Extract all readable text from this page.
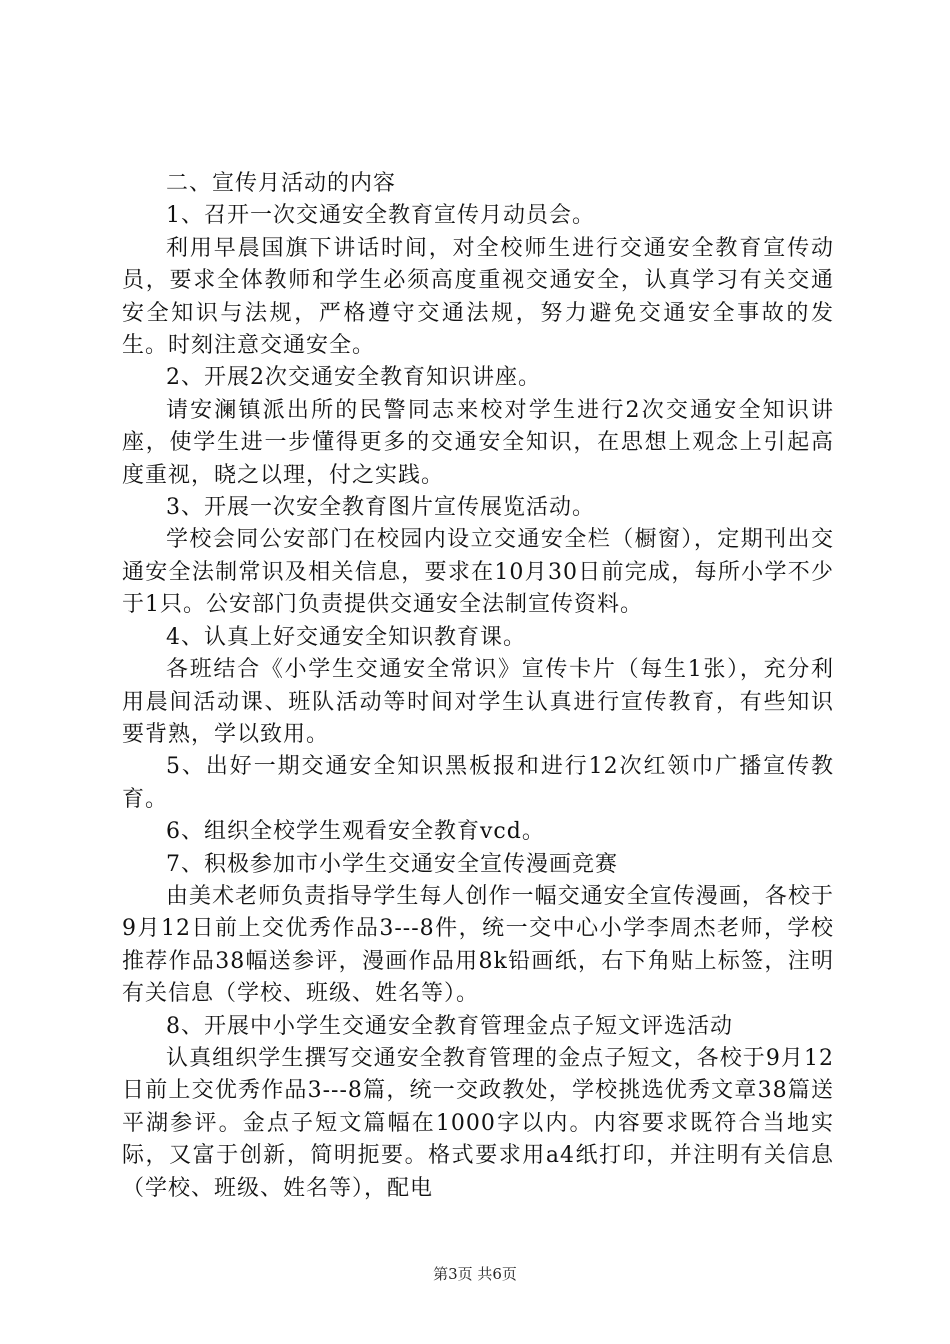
二、宣传月活动的内容

1、召开一次交通安全教育宣传月动员会。

利用早晨国旗下讲话时间，对全校师生进行交通安全教育宣传动员，要求全体教师和学生必须高度重视交通安全，认真学习有关交通安全知识与法规，严格遵守交通法规，努力避免交通安全事故的发生。时刻注意交通安全。

2、开展2次交通安全教育知识讲座。

请安澜镇派出所的民警同志来校对学生进行2次交通安全知识讲座，使学生进一步懂得更多的交通安全知识，在思想上观念上引起高度重视，晓之以理，付之实践。

3、开展一次安全教育图片宣传展览活动。

学校会同公安部门在校园内设立交通安全栏（橱窗），定期刊出交通安全法制常识及相关信息，要求在10月30日前完成，每所小学不少于1只。公安部门负责提供交通安全法制宣传资料。

4、认真上好交通安全知识教育课。

各班结合《小学生交通安全常识》宣传卡片（每生1张），充分利用晨间活动课、班队活动等时间对学生认真进行宣传教育，有些知识要背熟，学以致用。

5、出好一期交通安全知识黑板报和进行12次红领巾广播宣传教育。

6、组织全校学生观看安全教育vcd。

7、积极参加市小学生交通安全宣传漫画竞赛

由美术老师负责指导学生每人创作一幅交通安全宣传漫画，各校于9月12日前上交优秀作品3---8件，统一交中心小学李周杰老师，学校推荐作品38幅送参评，漫画作品用8k铅画纸，右下角贴上标签，注明有关信息（学校、班级、姓名等）。

8、开展中小学生交通安全教育管理金点子短文评选活动

认真组织学生撰写交通安全教育管理的金点子短文，各校于9月12日前上交优秀作品3---8篇，统一交政教处，学校挑选优秀文章38篇送平湖参评。金点子短文篇幅在1000字以内。内容要求既符合当地实际，又富于创新，简明扼要。格式要求用a4纸打印，并注明有关信息（学校、班级、姓名等），配电

第3页 共6页
